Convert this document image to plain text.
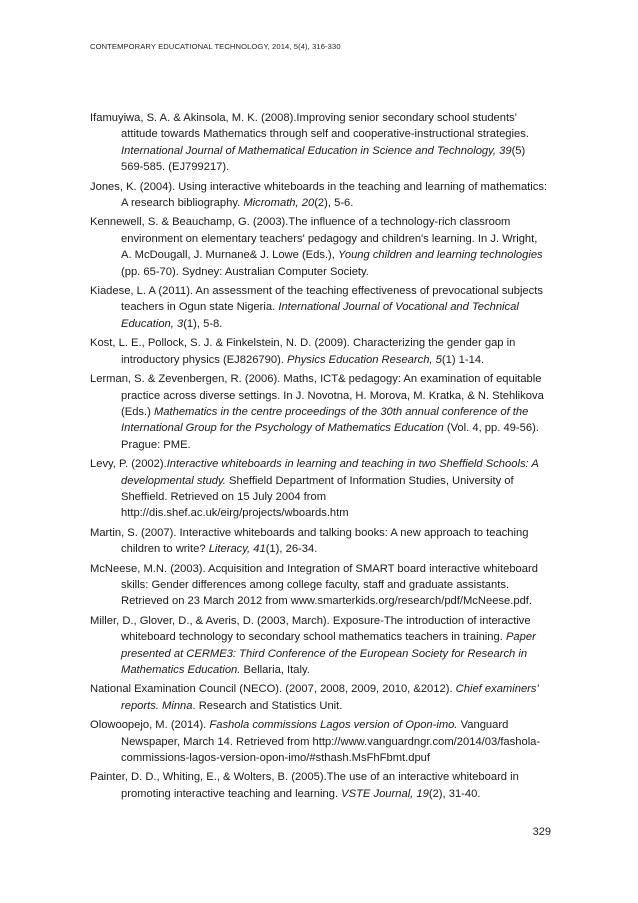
CONTEMPORARY EDUCATIONAL TECHNOLOGY, 2014, 5(4), 316-330

Ifamuyiwa, S. A. & Akinsola, M. K. (2008).Improving senior secondary school students' attitude towards Mathematics through self and cooperative-instructional strategies. International Journal of Mathematical Education in Science and Technology, 39(5) 569-585. (EJ799217).

Jones, K. (2004). Using interactive whiteboards in the teaching and learning of mathematics: A research bibliography. Micromath, 20(2), 5-6.

Kennewell, S. & Beauchamp, G. (2003).The influence of a technology-rich classroom environment on elementary teachers' pedagogy and children's learning. In J. Wright, A. McDougall, J. Murnane& J. Lowe (Eds.), Young children and learning technologies (pp. 65-70). Sydney: Australian Computer Society.

Kiadese, L. A (2011). An assessment of the teaching effectiveness of prevocational subjects teachers in Ogun state Nigeria. International Journal of Vocational and Technical Education, 3(1), 5-8.

Kost, L. E., Pollock, S. J. & Finkelstein, N. D. (2009). Characterizing the gender gap in introductory physics (EJ826790). Physics Education Research, 5(1) 1-14.

Lerman, S. & Zevenbergen, R. (2006). Maths, ICT& pedagogy: An examination of equitable practice across diverse settings. In J. Novotna, H. Morova, M. Kratka, & N. Stehlikova (Eds.) Mathematics in the centre proceedings of the 30th annual conference of the International Group for the Psychology of Mathematics Education (Vol. 4, pp. 49-56). Prague: PME.

Levy, P. (2002).Interactive whiteboards in learning and teaching in two Sheffield Schools: A developmental study. Sheffield Department of Information Studies, University of Sheffield. Retrieved on 15 July 2004 from http://dis.shef.ac.uk/eirg/projects/wboards.htm

Martin, S. (2007). Interactive whiteboards and talking books: A new approach to teaching children to write? Literacy, 41(1), 26-34.

McNeese, M.N. (2003). Acquisition and Integration of SMART board interactive whiteboard skills: Gender differences among college faculty, staff and graduate assistants. Retrieved on 23 March 2012 from www.smarterkids.org/research/pdf/McNeese.pdf.

Miller, D., Glover, D., & Averis, D. (2003, March). Exposure-The introduction of interactive whiteboard technology to secondary school mathematics teachers in training. Paper presented at CERME3: Third Conference of the European Society for Research in Mathematics Education. Bellaria, Italy.

National Examination Council (NECO). (2007, 2008, 2009, 2010, &2012). Chief examiners’ reports. Minna. Research and Statistics Unit.

Olowoopejo, M. (2014). Fashola commissions Lagos version of Opon-imo. Vanguard Newspaper, March 14. Retrieved from http://www.vanguardngr.com/2014/03/fashola-commissions-lagos-version-opon-imo/#sthash.MsFhFbmt.dpuf

Painter, D. D., Whiting, E., & Wolters, B. (2005).The use of an interactive whiteboard in promoting interactive teaching and learning. VSTE Journal, 19(2), 31-40.

329
